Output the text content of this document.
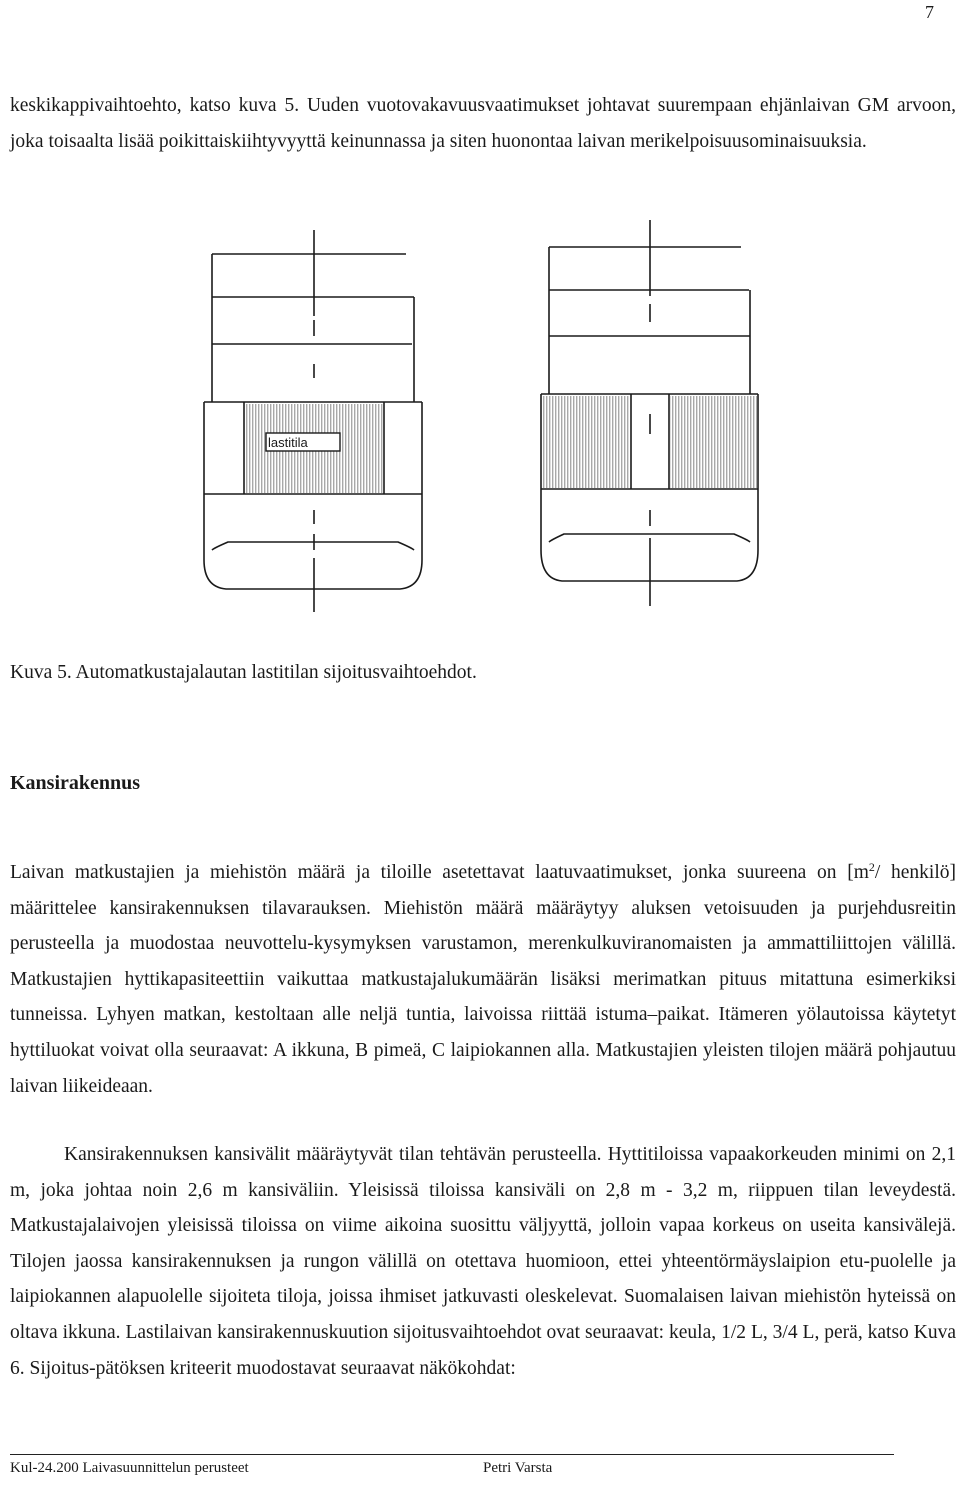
7

keskikappivaihtoehto, katso kuva 5. Uuden vuotovakavuusvaatimukset johtavat suurempaan ehjänlaivan GM arvoon, joka toisaalta lisää poikittaiskiihtyvyyttä keinunnassa ja siten huonontaa laivan merikelpoisuusominaisuuksia.

lastitila
Kuva 5. Automatkustajalautan lastitilan sijoitusvaihtoehdot.
Kansirakennus

Laivan matkustajien ja miehistön määrä ja tiloille asetettavat laatuvaatimukset, jonka suureena on [$m^2/$ henkilö] määrittelee kansirakennuksen tilavarauksen. Miehistön määrä määräytyy aluksen vetoisuuden ja purjehdusreitin perusteella ja muodostaa neuvottelu-kysymyksen varustamon, merenkulkuviranomaisten ja ammattiliittojen välillä. Matkustajien hyttikapasiteettiin vaikuttaa matkustajalukumäärän lisäksi merimatkan pituus mitattuna esimerkiksi tunneissa. Lyhyen matkan, kestoltaan alle neljä tuntia, laivoissa riittää istuma–paikat. Itämeren yölautoissa käytetyt hyttiluokat voivat olla seuraavat: A ikkuna, B pimeä, C laipiokannen alla. Matkustajien yleisten tilojen määrä pohjautuu laivan liikeideaan.

Kansirakennuksen kansivälit määräytyvät tilan tehtävän perusteella. Hyttitiloissa vapaakorkeuden minimi on 2,1 m, joka johtaa noin 2,6 m kansiväliin. Yleisissä tiloissa kansiväli on 2,8 m - 3,2 m, riippuen tilan leveydestä. Matkustajalaivojen yleisissä tiloissa on viime aikoina suosittu väljyyttä, jolloin vapaa korkeus on useita kansivälejä. Tilojen jaossa kansirakennuksen ja rungon välillä on otettava huomioon, ettei yhteentörmäyslaipion etu-puolelle ja laipiokannen alapuolelle sijoiteta tiloja, joissa ihmiset jatkuvasti oleskelevat. Suomalaisen laivan miehistön hyteissä on oltava ikkuna. Lastilaivan kansirakennuskuution sijoitusvaihtoehdot ovat seuraavat: keula, 1/2 L, 3/4 L, perä, katso Kuva 6. Sijoitus-pätöksen kriteerit muodostavat seuraavat näkökohdat:

Kul-24.200 Laivasuunnittelun perusteet	Petri Varsta
